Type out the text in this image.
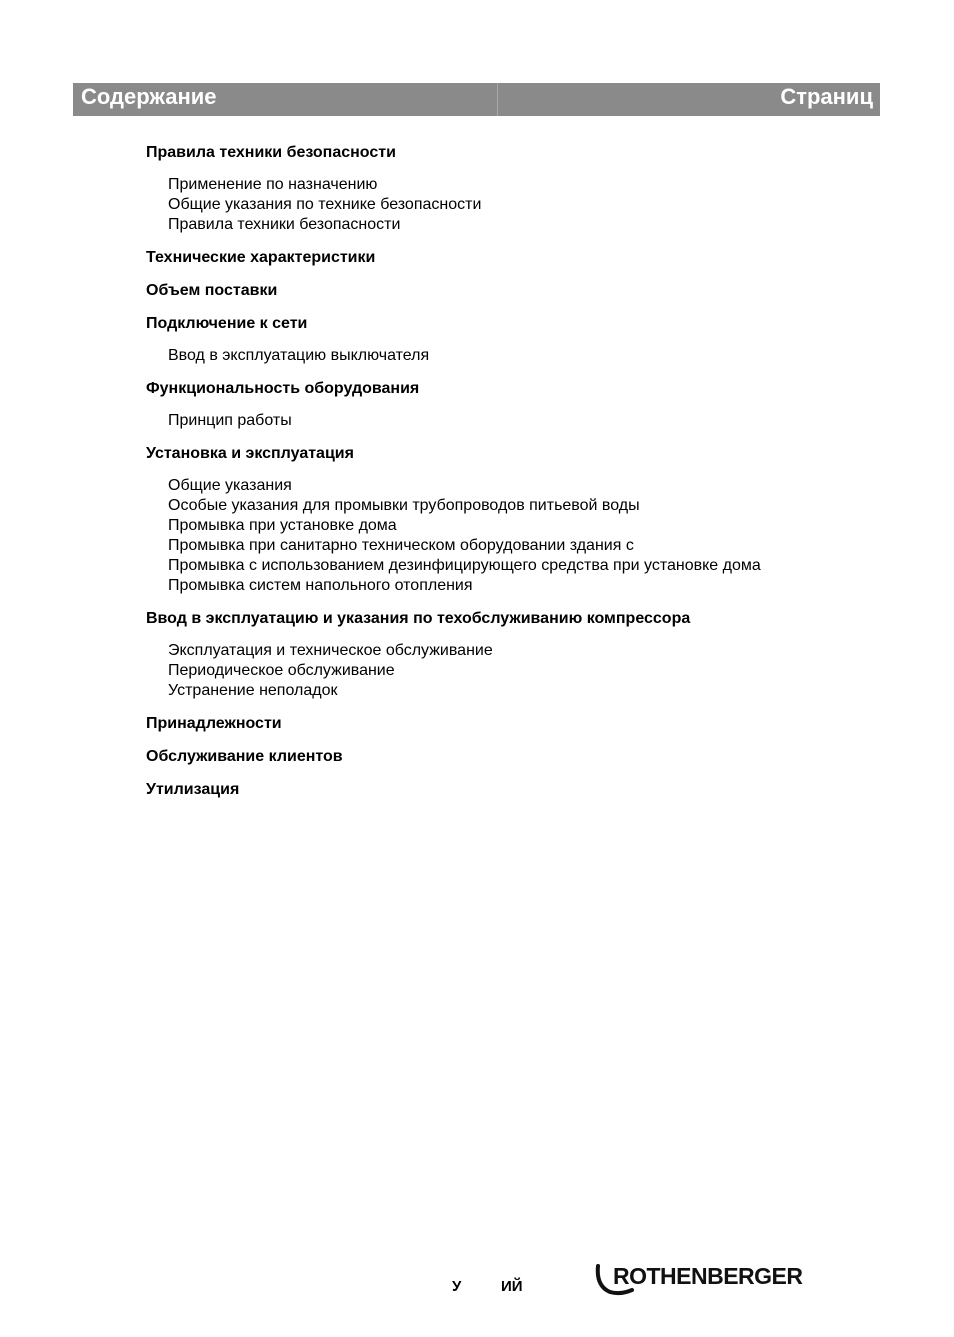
Содержание	Страниц
Правила техники безопасности
Применение по назначению
Общие указания по технике безопасности
Правила техники безопасности
Технические характеристики
Объем поставки
Подключение к сети
Ввод в эксплуатацию выключателя
Функциональность оборудования
Принцип работы
Установка и эксплуатация
Общие указания
Особые указания для промывки трубопроводов питьевой воды
Промывка при установке дома
Промывка при санитарно техническом оборудовании здания с
Промывка с использованием дезинфицирующего средства при установке дома
Промывка систем напольного отопления
Ввод в эксплуатацию и указания по техобслуживанию компрессора
Эксплуатация и техническое обслуживание
Периодическое обслуживание
Устранение неполадок
Принадлежности
Обслуживание клиентов
Утилизация
У	ИЙ	ROTHENBERGER
